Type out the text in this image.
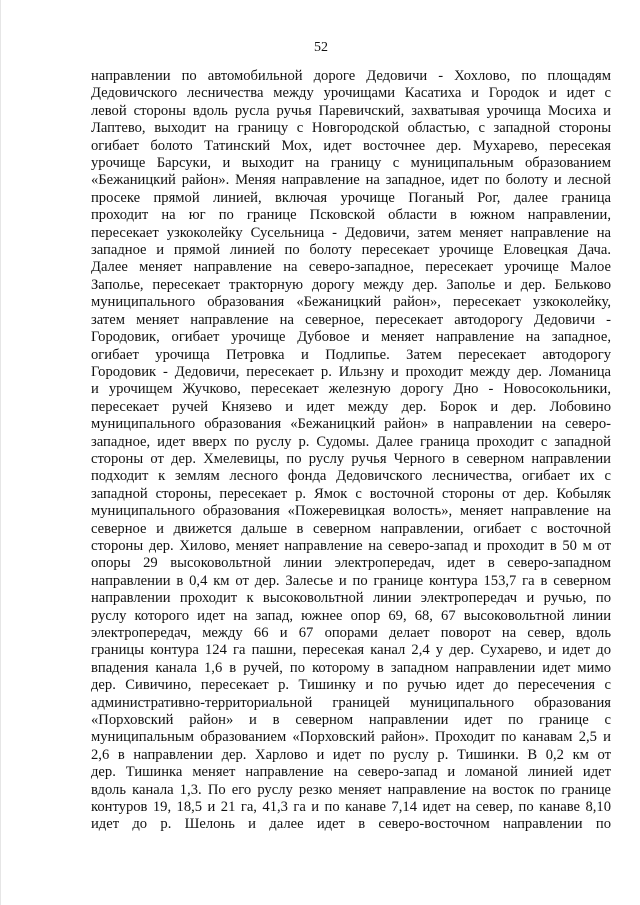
52
направлении по автомобильной дороге Дедовичи - Хохлово, по площадям
Дедовичского лесничества между урочищами Касатиха и Городок и идет с
левой стороны вдоль русла ручья Паревичский, захватывая урочища Мосиха и
Лаптево, выходит на границу с Новгородской областью, с западной стороны
огибает болото Татинский Мох, идет восточнее дер. Мухарево, пересекая
урочище Барсуки, и выходит на границу с муниципальным образованием
«Бежаницкий район». Меняя направление на западное, идет по болоту и лесной
просеке прямой линией, включая урочище Поганый Рог, далее граница
проходит на юг по границе Псковской области в южном направлении,
пересекает узкоколейку Сусельница - Дедовичи, затем меняет направление на
западное и прямой линией по болоту пересекает урочище Еловецкая Дача.
Далее меняет направление на северо-западное, пересекает урочище Малое
Заполье, пересекает тракторную дорогу между дер. Заполье и дер. Бельково
муниципального образования «Бежаницкий район», пересекает узкоколейку,
затем меняет направление на северное, пересекает автодорогу Дедовичи -
Городовик, огибает урочище Дубовое и меняет направление на западное,
огибает урочища Петровка и Подлипье. Затем пересекает автодорогу
Городовик - Дедовичи, пересекает р. Ильзну и проходит между дер. Ломаница
и урочищем Жучково, пересекает железную дорогу Дно - Новосокольники,
пересекает ручей Князево и идет между дер. Борок и дер. Лобовино
муниципального образования «Бежаницкий район» в направлении на северо-
западное, идет вверх по руслу р. Судомы. Далее граница проходит с западной
стороны от дер. Хмелевицы, по руслу ручья Черного в северном направлении
подходит к землям лесного фонда Дедовичского лесничества, огибает их с
западной стороны, пересекает р. Ямок с восточной стороны от дер. Кобыляк
муниципального образования «Пожеревицкая волость», меняет направление на
северное и движется дальше в северном направлении, огибает с восточной
стороны дер. Хилово, меняет направление на северо-запад и проходит в 50 м от
опоры 29 высоковольтной линии электропередач, идет в северо-западном
направлении в 0,4 км от дер. Залесье и по границе контура 153,7 га в северном
направлении проходит к высоковольтной линии электропередач и ручью, по
руслу которого идет на запад, южнее опор 69, 68, 67 высоковольтной линии
электропередач, между 66 и 67 опорами делает поворот на север, вдоль
границы контура 124 га пашни, пересекая канал 2,4 у дер. Сухарево, и идет до
впадения канала 1,6 в ручей, по которому в западном направлении идет мимо
дер. Сивичино, пересекает р. Тишинку и по ручью идет до пересечения с
административно-территориальной границей муниципального образования
«Порховский район» и в северном направлении идет по границе с
муниципальным образованием «Порховский район». Проходит по канавам 2,5 и
2,6 в направлении дер. Харлово и идет по руслу р. Тишинки. В 0,2 км от
дер. Тишинка меняет направление на северо-запад и ломаной линией идет
вдоль канала 1,3. По его руслу резко меняет направление на восток по границе
контуров 19, 18,5 и 21 га, 41,3 га и по канаве 7,14 идет на север, по канаве 8,10
идет до р. Шелонь и далее идет в северо-восточном направлении по
